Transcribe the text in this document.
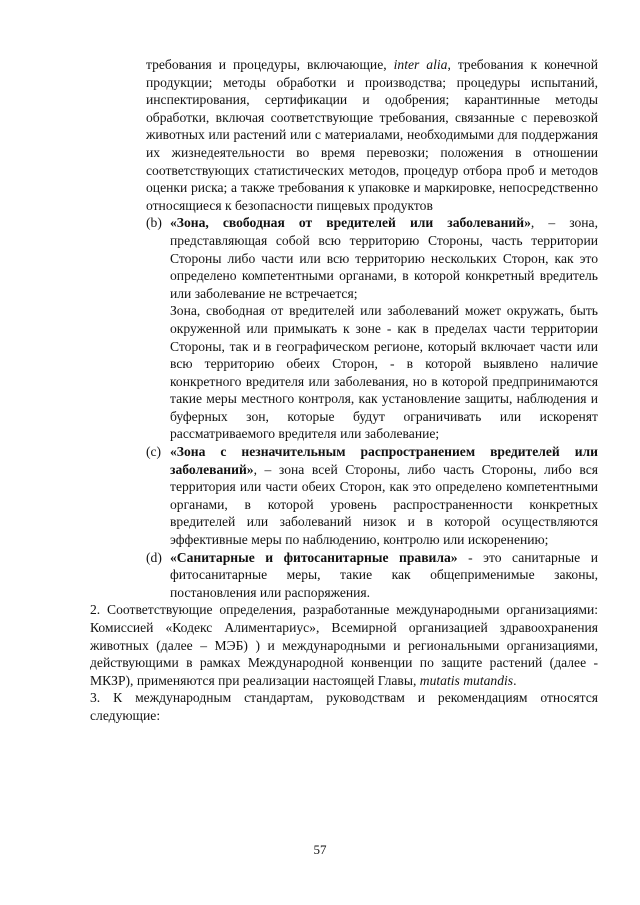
требования и процедуры, включающие, inter alia, требования к конечной продукции; методы обработки и производства; процедуры испытаний, инспектирования, сертификации и одобрения; карантинные методы обработки, включая соответствующие требования, связанные с перевозкой животных или растений или с материалами, необходимыми для поддержания их жизнедеятельности во время перевозки; положения в отношении соответствующих статистических методов, процедур отбора проб и методов оценки риска; а также требования к упаковке и маркировке, непосредственно относящиеся к безопасности пищевых продуктов

(b) «Зона, свободная от вредителей или заболеваний», – зона, представляющая собой всю территорию Стороны, часть территории Стороны либо части или всю территорию нескольких Сторон, как это определено компетентными органами, в которой конкретный вредитель или заболевание не встречается;

Зона, свободная от вредителей или заболеваний может окружать, быть окруженной или примыкать к зоне - как в пределах части территории Стороны, так и в географическом регионе, который включает части или всю территорию обеих Сторон, - в которой выявлено наличие конкретного вредителя или заболевания, но в которой предпринимаются такие меры местного контроля, как установление защиты, наблюдения и буферных зон, которые будут ограничивать или искоренят рассматриваемого вредителя или заболевание;

(c) «Зона с незначительным распространением вредителей или заболеваний», – зона всей Стороны, либо часть Стороны, либо вся территория или части обеих Сторон, как это определено компетентными органами, в которой уровень распространенности конкретных вредителей или заболеваний низок и в которой осуществляются эффективные меры по наблюдению, контролю или искоренению;

(d) «Санитарные и фитосанитарные правила» - это санитарные и фитосанитарные меры, такие как общеприменимые законы, постановления или распоряжения.

2. Соответствующие определения, разработанные международными организациями: Комиссией «Кодекс Алиментариус», Всемирной организацией здравоохранения животных (далее – МЭБ) ) и международными и региональными организациями, действующими в рамках Международной конвенции по защите растений (далее - МКЗР), применяются при реализации настоящей Главы, mutatis mutandis.

3. К международным стандартам, руководствам и рекомендациям относятся следующие:

57
